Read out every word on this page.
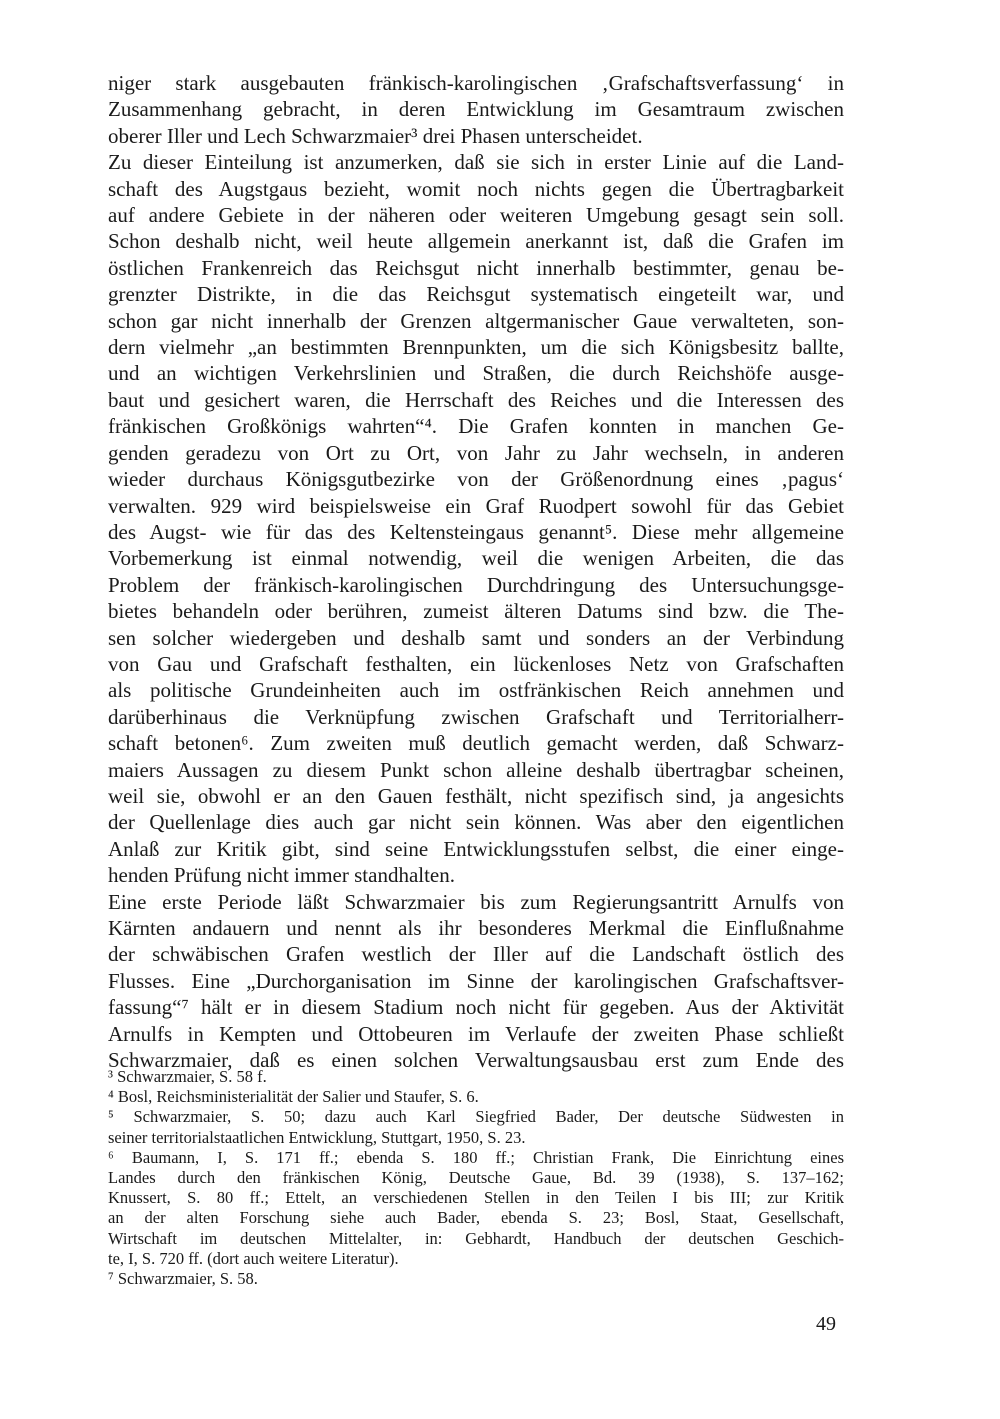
niger stark ausgebauten fränkisch-karolingischen ‚Grafschaftsverfassung‘ in
Zusammenhang gebracht, in deren Entwicklung im Gesamtraum zwischen
oberer Iller und Lech Schwarzmaier³ drei Phasen unterscheidet.
Zu dieser Einteilung ist anzumerken, daß sie sich in erster Linie auf die Land-
schaft des Augstgaus bezieht, womit noch nichts gegen die Übertragbarkeit
auf andere Gebiete in der näheren oder weiteren Umgebung gesagt sein soll.
Schon deshalb nicht, weil heute allgemein anerkannt ist, daß die Grafen im
östlichen Frankenreich das Reichsgut nicht innerhalb bestimmter, genau be-
grenzter Distrikte, in die das Reichsgut systematisch eingeteilt war, und
schon gar nicht innerhalb der Grenzen altgermanischer Gaue verwalteten, son-
dern vielmehr „an bestimmten Brennpunkten, um die sich Königsbesitz ballte,
und an wichtigen Verkehrslinien und Straßen, die durch Reichshöfe ausge-
baut und gesichert waren, die Herrschaft des Reiches und die Interessen des
fränkischen Großkönigs wahrten“⁴. Die Grafen konnten in manchen Ge-
genden geradezu von Ort zu Ort, von Jahr zu Jahr wechseln, in anderen
wieder durchaus Königsgutbezirke von der Größenordnung eines ‚pagus‘
verwalten. 929 wird beispielsweise ein Graf Ruodpert sowohl für das Gebiet
des Augst- wie für das des Keltensteingaus genannt⁵. Diese mehr allgemeine
Vorbemerkung ist einmal notwendig, weil die wenigen Arbeiten, die das
Problem der fränkisch-karolingischen Durchdringung des Untersuchungsge-
bietes behandeln oder berühren, zumeist älteren Datums sind bzw. die The-
sen solcher wiedergeben und deshalb samt und sonders an der Verbindung
von Gau und Grafschaft festhalten, ein lückenloses Netz von Grafschaften
als politische Grundeinheiten auch im ostfränkischen Reich annehmen und
darüberhinaus die Verknüpfung zwischen Grafschaft und Territorialherr-
schaft betonen⁶. Zum zweiten muß deutlich gemacht werden, daß Schwarz-
maiers Aussagen zu diesem Punkt schon alleine deshalb übertragbar scheinen,
weil sie, obwohl er an den Gauen festhält, nicht spezifisch sind, ja angesichts
der Quellenlage dies auch gar nicht sein können. Was aber den eigentlichen
Anlaß zur Kritik gibt, sind seine Entwicklungsstufen selbst, die einer einge-
henden Prüfung nicht immer standhalten.
Eine erste Periode läßt Schwarzmaier bis zum Regierungsantritt Arnulfs von
Kärnten andauern und nennt als ihr besonderes Merkmal die Einflußnahme
der schwäbischen Grafen westlich der Iller auf die Landschaft östlich des
Flusses. Eine „Durchorganisation im Sinne der karolingischen Grafschaftsver-
fassung“⁷ hält er in diesem Stadium noch nicht für gegeben. Aus der Aktivität
Arnulfs in Kempten und Ottobeuren im Verlaufe der zweiten Phase schließt
Schwarzmaier, daß es einen solchen Verwaltungsausbau erst zum Ende des
³ Schwarzmaier, S. 58 f.
⁴ Bosl, Reichsministerialität der Salier und Staufer, S. 6.
⁵ Schwarzmaier, S. 50; dazu auch Karl Siegfried Bader, Der deutsche Südwesten in
seiner territorialstaatlichen Entwicklung, Stuttgart, 1950, S. 23.
⁶ Baumann, I, S. 171 ff.; ebenda S. 180 ff.; Christian Frank, Die Einrichtung eines
Landes durch den fränkischen König, Deutsche Gaue, Bd. 39 (1938), S. 137–162;
Knussert, S. 80 ff.; Ettelt, an verschiedenen Stellen in den Teilen I bis III; zur Kritik
an der alten Forschung siehe auch Bader, ebenda S. 23; Bosl, Staat, Gesellschaft,
Wirtschaft im deutschen Mittelalter, in: Gebhardt, Handbuch der deutschen Geschich-
te, I, S. 720 ff. (dort auch weitere Literatur).
⁷ Schwarzmaier, S. 58.
49
